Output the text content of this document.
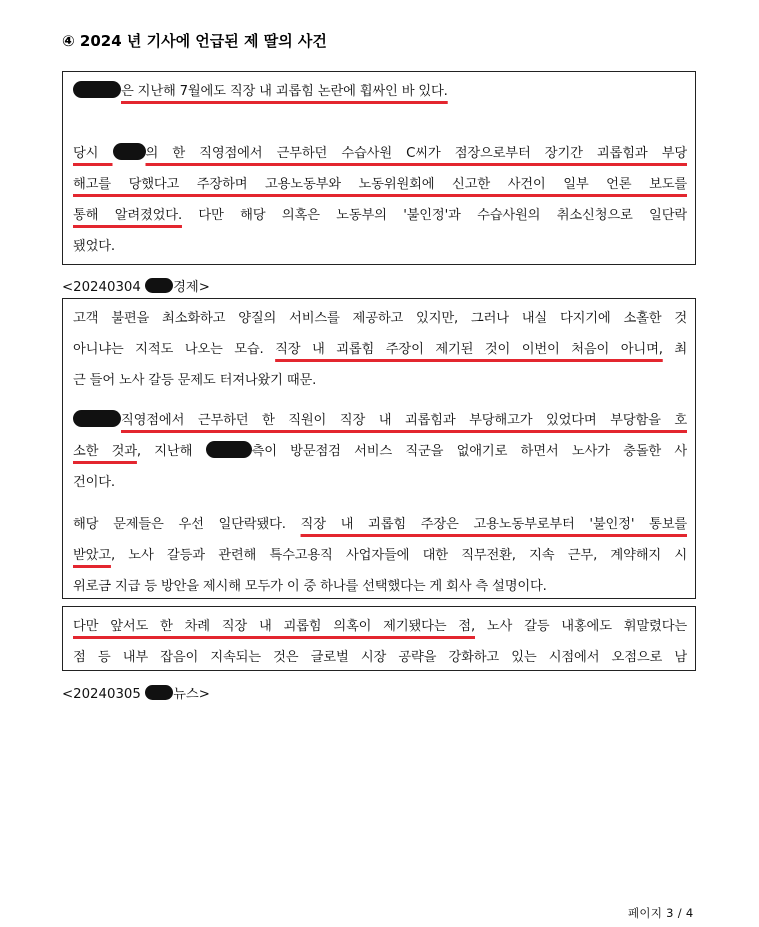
④ 2024 년 기사에 언급된 제 딸의 사건
은 지난해 7월에도 직장 내 괴롭힘 논란에 휩싸인 바 있다.
당시 의 한 직영점에서 근무하던 수습사원 C씨가 점장으로부터 장기간 괴롭힘과 부당
해고를 당했다고 주장하며 고용노동부와 노동위원회에 신고한 사건이 일부 언론 보도를
통해 알려졌었다. 다만 해당 의혹은 노동부의 '불인정'과 수습사원의 취소신청으로 일단락
됐었다.
<20240304 경제>
고객 불편을 최소화하고 양질의 서비스를 제공하고 있지만, 그러나 내실 다지기에 소홀한 것
아니냐는 지적도 나오는 모습. 직장 내 괴롭힘 주장이 제기된 것이 이번이 처음이 아니며, 최
근 들어 노사 갈등 문제도 터져나왔기 때문.
직영점에서 근무하던 한 직원이 직장 내 괴롭힘과 부당해고가 있었다며 부당함을 호
소한 것과, 지난해	측이 방문점검 서비스 직군을 없애기로 하면서 노사가 충돌한 사
건이다.
해당 문제들은 우선 일단락됐다. 직장 내 괴롭힘 주장은 고용노동부로부터 '불인정' 통보를
받았고, 노사 갈등과 관련해 특수고용직 사업자들에 대한 직무전환, 지속 근무, 계약해지 시
위로금 지급 등 방안을 제시해 모두가 이 중 하나를 선택했다는 게 회사 측 설명이다.
다만 앞서도 한 차례 직장 내 괴롭힘 의혹이 제기됐다는 점, 노사 갈등 내홍에도 휘말렸다는
점 등 내부 잡음이 지속되는 것은 글로벌 시장 공략을 강화하고 있는 시점에서 오점으로 남
<20240305 뉴스>
페이지 3 / 4
